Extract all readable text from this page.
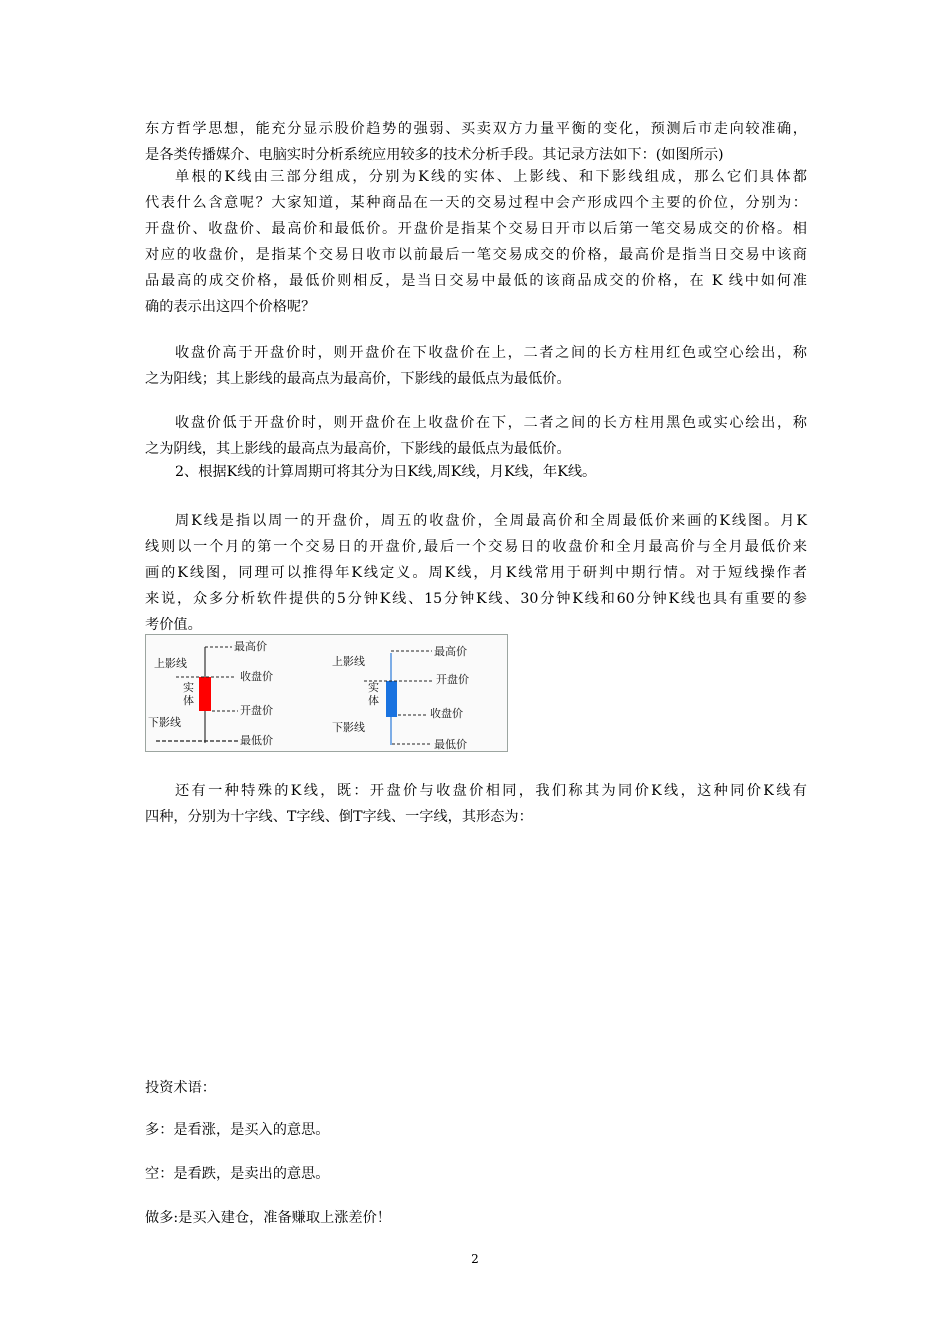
东方哲学思想，能充分显示股价趋势的强弱、买卖双方力量平衡的变化，预测后市走向较准确，
是各类传播媒介、电脑实时分析系统应用较多的技术分析手段。其记录方法如下：(如图所示)
单根的K线由三部分组成，分别为K线的实体、上影线、和下影线组成，那么它们具体都
代表什么含意呢？大家知道，某种商品在一天的交易过程中会产形成四个主要的价位，分别为：
开盘价、收盘价、最高价和最低价。开盘价是指某个交易日开市以后第一笔交易成交的价格。相
对应的收盘价，是指某个交易日收市以前最后一笔交易成交的价格，最高价是指当日交易中该商
品最高的成交价格，最低价则相反，是当日交易中最低的该商品成交的价格，在 K 线中如何准
确的表示出这四个价格呢？
收盘价高于开盘价时，则开盘价在下收盘价在上，二者之间的长方柱用红色或空心绘出，称
之为阳线；其上影线的最高点为最高价，下影线的最低点为最低价。
收盘价低于开盘价时，则开盘价在上收盘价在下，二者之间的长方柱用黑色或实心绘出，称
之为阴线，其上影线的最高点为最高价，下影线的最低点为最低价。
2、根据K线的计算周期可将其分为日K线,周K线，月K线，年K线。
周K线是指以周一的开盘价，周五的收盘价，全周最高价和全周最低价来画的K线图。月K
线则以一个月的第一个交易日的开盘价,最后一个交易日的收盘价和全月最高价与全月最低价来
画的K线图，同理可以推得年K线定义。周K线，月K线常用于研判中期行情。对于短线操作者
来说，众多分析软件提供的5分钟K线、15分钟K线、30分钟K线和60分钟K线也具有重要的参
考价值。
最高价
上影线
收盘价
实
体
开盘价
下影线
最低价
最高价
上影线
开盘价
实
体
收盘价
下影线
最低价
还有一种特殊的K线，既：开盘价与收盘价相同，我们称其为同价K线，这种同价K线有
四种，分别为十字线、T字线、倒T字线、一字线，其形态为：

投资术语：

多：是看涨，是买入的意思。

空：是看跌，是卖出的意思。

做多:是买入建仓，准备赚取上涨差价！

2
